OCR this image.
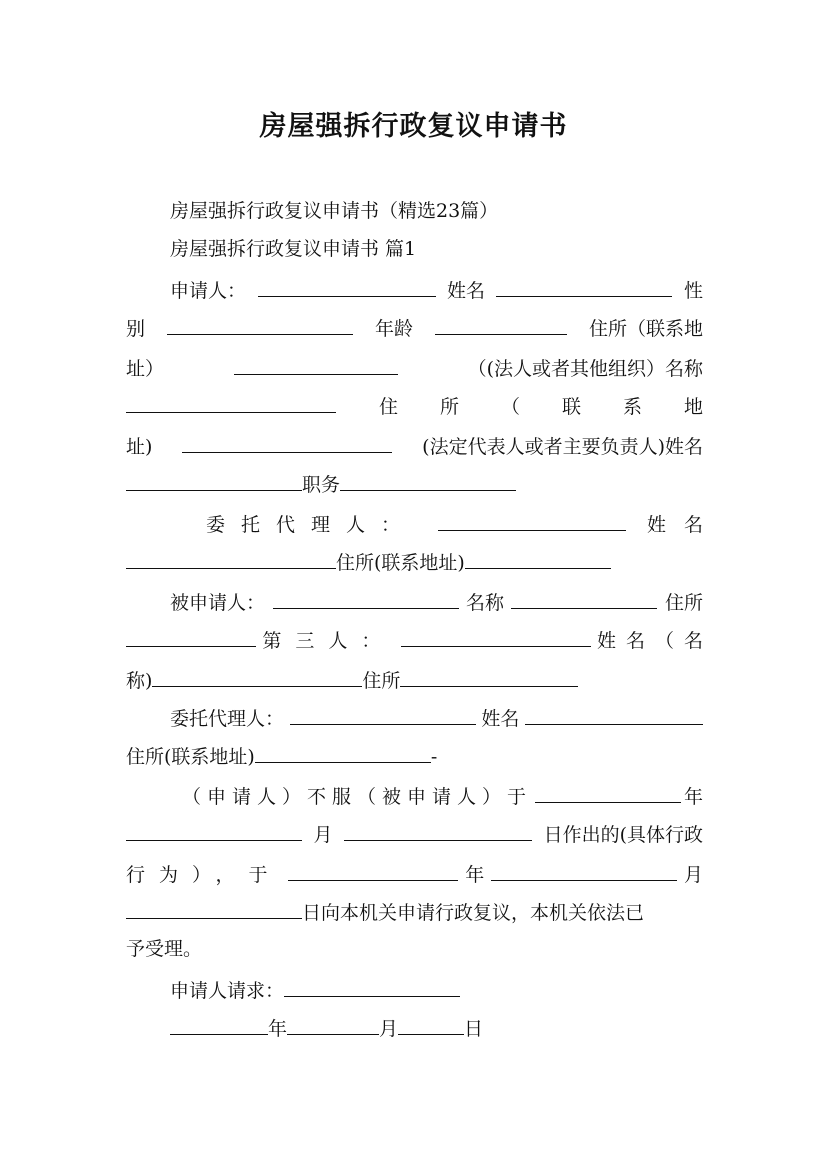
房屋强拆行政复议申请书
房屋强拆行政复议申请书（精选23篇）
房屋强拆行政复议申请书 篇1
申请人：	姓名	性
别	年龄	住所（联系地
址）	（(法人或者其他组织）名称
住所（联系地
址)	(法定代表人或者主要负责人)姓名
职务
委托代理人：	姓名
住所(联系地址)
被申请人：	名称	住所
第三人：	姓名（名
称)	住所
委托代理人：	姓名
住所(联系地址)	-
（申请人）不服（被申请人）于	年
月	日作出的(具体行政
行为），于	年	月
日向本机关申请行政复议，本机关依法已
予受理。
申请人请求：
年	月	日
